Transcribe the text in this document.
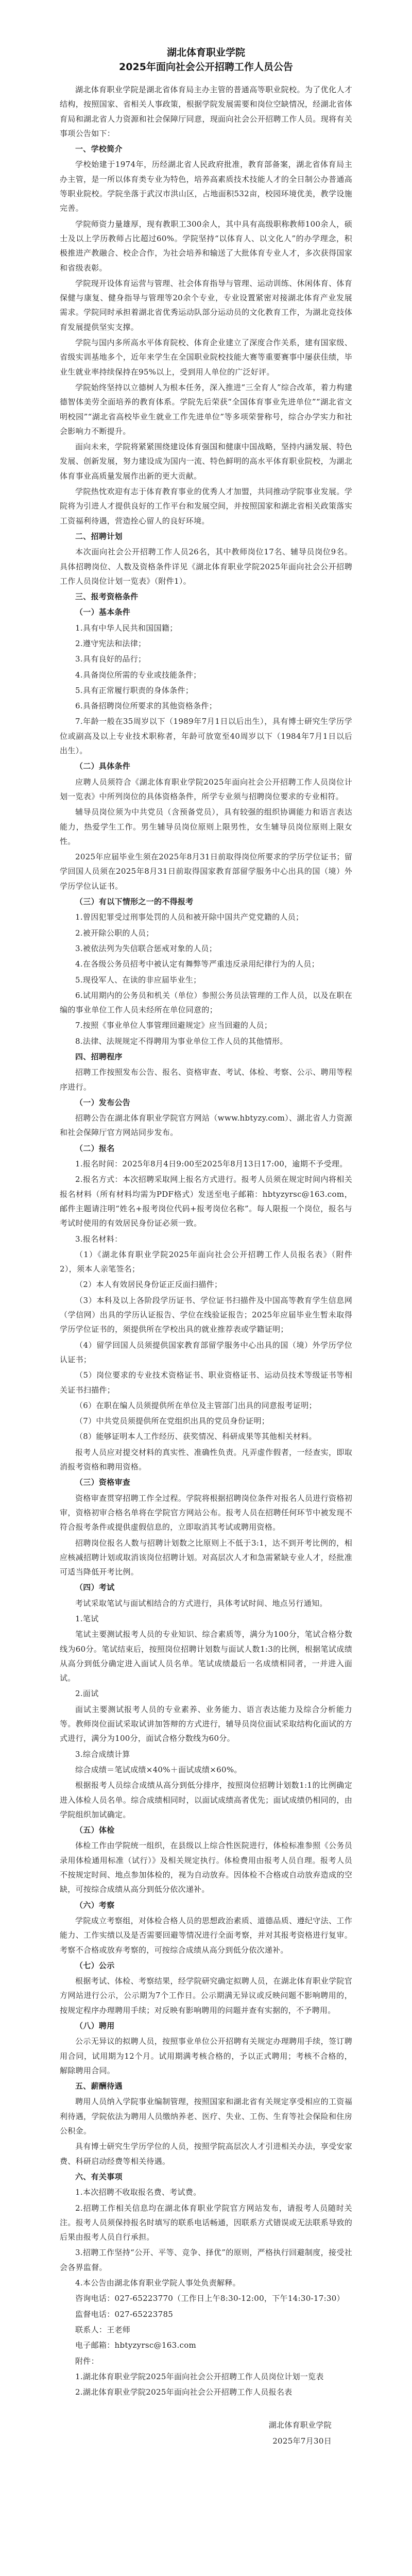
湖北体育职业学院
2025年面向社会公开招聘工作人员公告

湖北体育职业学院是湖北省体育局主办主管的普通高等职业院校。为了优化人才结构，按照国家、省相关人事政策，根据学院发展需要和岗位空缺情况，经湖北省体育局和湖北省人力资源和社会保障厅同意，现面向社会公开招聘工作人员。现将有关事项公告如下：

一、学校简介

学校始建于1974年，历经湖北省人民政府批准，教育部备案，湖北省体育局主办主管，是一所以体育类专业为特色，培养高素质技术技能人才的全日制公办普通高等职业院校。学院坐落于武汉市洪山区，占地面积532亩，校园环境优美，教学设施完善。

学院师资力量雄厚，现有教职工300余人，其中具有高级职称教师100余人，硕士及以上学历教师占比超过60%。学院坚持“以体育人、以文化人”的办学理念，积极推进产教融合、校企合作，为社会培养和输送了大批体育专业人才，多次获得国家和省级表彰。

学院现开设体育运营与管理、社会体育指导与管理、运动训练、休闲体育、体育保健与康复、健身指导与管理等20余个专业，专业设置紧密对接湖北体育产业发展需求。学院同时承担着湖北省优秀运动队部分运动员的文化教育工作，为湖北竞技体育发展提供坚实支撑。

学院与国内多所高水平体育院校、体育企业建立了深度合作关系，建有国家级、省级实训基地多个，近年来学生在全国职业院校技能大赛等重要赛事中屡获佳绩，毕业生就业率持续保持在95%以上，受到用人单位的广泛好评。

学院始终坚持以立德树人为根本任务，深入推进“三全育人”综合改革，着力构建德智体美劳全面培养的教育体系。学院先后荣获“全国体育事业先进单位”“湖北省文明校园”“湖北省高校毕业生就业工作先进单位”等多项荣誉称号，综合办学实力和社会影响力不断提升。

面向未来，学院将紧紧围绕建设体育强国和健康中国战略，坚持内涵发展、特色发展、创新发展，努力建设成为国内一流、特色鲜明的高水平体育职业院校，为湖北体育事业高质量发展作出新的更大贡献。

学院热忱欢迎有志于体育教育事业的优秀人才加盟，共同推动学院事业发展。学院将为引进人才提供良好的工作平台和发展空间，并按照国家和湖北省相关政策落实工资福利待遇，营造拴心留人的良好环境。

二、招聘计划

本次面向社会公开招聘工作人员26名，其中教师岗位17名、辅导员岗位9名。具体招聘岗位、人数及资格条件详见《湖北体育职业学院2025年面向社会公开招聘工作人员岗位计划一览表》（附件1）。

三、报考资格条件

（一）基本条件

1.具有中华人民共和国国籍；

2.遵守宪法和法律；

3.具有良好的品行；

4.具备岗位所需的专业或技能条件；

5.具有正常履行职责的身体条件；

6.具备招聘岗位所要求的其他资格条件；

7.年龄一般在35周岁以下（1989年7月1日以后出生），具有博士研究生学历学位或副高及以上专业技术职称者，年龄可放宽至40周岁以下（1984年7月1日以后出生）。

（二）具体条件

应聘人员须符合《湖北体育职业学院2025年面向社会公开招聘工作人员岗位计划一览表》中所列岗位的具体资格条件，所学专业须与招聘岗位要求的专业相符。

辅导员岗位须为中共党员（含预备党员），具有较强的组织协调能力和语言表达能力，热爱学生工作。男生辅导员岗位原则上限男性，女生辅导员岗位原则上限女性。

2025年应届毕业生须在2025年8月31日前取得岗位所要求的学历学位证书；留学回国人员须在2025年8月31日前取得国家教育部留学服务中心出具的国（境）外学历学位认证书。

（三）有以下情形之一的不得报考

1.曾因犯罪受过刑事处罚的人员和被开除中国共产党党籍的人员；

2.被开除公职的人员；

3.被依法列为失信联合惩戒对象的人员；

4.在各级公务员招考中被认定有舞弊等严重违反录用纪律行为的人员；

5.现役军人、在读的非应届毕业生；

6.试用期内的公务员和机关（单位）参照公务员法管理的工作人员，以及在职在编的事业单位工作人员未经所在单位同意的；

7.按照《事业单位人事管理回避规定》应当回避的人员；

8.法律、法规规定不得聘用为事业单位工作人员的其他情形。

四、招聘程序

招聘工作按照发布公告、报名、资格审查、考试、体检、考察、公示、聘用等程序进行。

（一）发布公告

招聘公告在湖北体育职业学院官方网站（www.hbtyzy.com）、湖北省人力资源和社会保障厅官方网站同步发布。

（二）报名

1.报名时间：2025年8月4日9:00至2025年8月13日17:00，逾期不予受理。

2.报名方式：本次招聘采取网上报名方式进行。报考人员须在规定时间内将相关报名材料（所有材料均需为PDF格式）发送至电子邮箱：hbtyzyrsc@163.com，邮件主题请注明“姓名+报考岗位代码+报考岗位名称”。每人限报一个岗位，报名与考试时使用的有效居民身份证必须一致。

3.报名材料：

（1）《湖北体育职业学院2025年面向社会公开招聘工作人员报名表》（附件2），须本人亲笔签名；

（2）本人有效居民身份证正反面扫描件；

（3）本科及以上各阶段学历证书、学位证书扫描件及中国高等教育学生信息网（学信网）出具的学历认证报告、学位在线验证报告；2025年应届毕业生暂未取得学历学位证书的，须提供所在学校出具的就业推荐表或学籍证明；

（4）留学回国人员须提供国家教育部留学服务中心出具的国（境）外学历学位认证书；

（5）岗位要求的专业技术资格证书、职业资格证书、运动员技术等级证书等相关证书扫描件；

（6）在职在编人员须提供所在单位及主管部门出具的同意报考证明；

（7）中共党员须提供所在党组织出具的党员身份证明；

（8）能够证明本人工作经历、获奖情况、科研成果等其他相关材料。

报考人员应对提交材料的真实性、准确性负责。凡弄虚作假者，一经查实，即取消报考资格和聘用资格。

（三）资格审查

资格审查贯穿招聘工作全过程。学院将根据招聘岗位条件对报名人员进行资格初审，资格初审合格名单将在学院官方网站公布。报考人员在招聘任何环节中被发现不符合报考条件或提供虚假信息的，立即取消其考试或聘用资格。

招聘岗位报名人数与招聘计划数之比原则上不低于3:1，达不到开考比例的，相应核减招聘计划或取消该岗位招聘计划。对高层次人才和急需紧缺专业人才，经批准可适当降低开考比例。

（四）考试

考试采取笔试与面试相结合的方式进行，具体考试时间、地点另行通知。

1.笔试

笔试主要测试报考人员的专业知识、综合素质等，满分为100分，笔试合格分数线为60分。笔试结束后，按照岗位招聘计划数与面试人数1:3的比例，根据笔试成绩从高分到低分确定进入面试人员名单。笔试成绩最后一名成绩相同者，一并进入面试。

2.面试

面试主要测试报考人员的专业素养、业务能力、语言表达能力及综合分析能力等。教师岗位面试采取试讲加答辩的方式进行，辅导员岗位面试采取结构化面试的方式进行，满分为100分，面试合格分数线为60分。

3.综合成绩计算

综合成绩＝笔试成绩×40%＋面试成绩×60%。

根据报考人员综合成绩从高分到低分排序，按照岗位招聘计划数1:1的比例确定进入体检人员名单。综合成绩相同时，以面试成绩高者优先；面试成绩仍相同的，由学院组织加试确定。

（五）体检

体检工作由学院统一组织，在县级以上综合性医院进行，体检标准参照《公务员录用体检通用标准（试行）》及相关规定执行。体检费用由报考人员自理。报考人员不按规定时间、地点参加体检的，视为自动放弃。因体检不合格或自动放弃造成的空缺，可按综合成绩从高分到低分依次递补。

（六）考察

学院成立考察组，对体检合格人员的思想政治素质、道德品质、遵纪守法、工作能力、工作实绩以及是否需要回避等情况进行全面考察，并对其报考资格进行复审。考察不合格或放弃考察的，可按综合成绩从高分到低分依次递补。

（七）公示

根据考试、体检、考察结果，经学院研究确定拟聘人员，在湖北体育职业学院官方网站进行公示，公示期为7个工作日。公示期满无异议或反映问题不影响聘用的，按规定程序办理聘用手续；对反映有影响聘用的问题并查有实据的，不予聘用。

（八）聘用

公示无异议的拟聘人员，按照事业单位公开招聘有关规定办理聘用手续，签订聘用合同，试用期为12个月。试用期满考核合格的，予以正式聘用；考核不合格的，解除聘用合同。

五、薪酬待遇

聘用人员纳入学院事业编制管理，按照国家和湖北省有关规定享受相应的工资福利待遇，学院依法为聘用人员缴纳养老、医疗、失业、工伤、生育等社会保险和住房公积金。

具有博士研究生学历学位的人员，按照学院高层次人才引进相关办法，享受安家费、科研启动经费等相关待遇。

六、有关事项

1.本次招聘不收取报名费、考试费。

2.招聘工作相关信息均在湖北体育职业学院官方网站发布，请报考人员随时关注。报考人员须保持报名时填写的联系电话畅通，因联系方式错误或无法联系导致的后果由报考人员自行承担。

3.招聘工作坚持“公开、平等、竞争、择优”的原则，严格执行回避制度，接受社会各界监督。

4.本公告由湖北体育职业学院人事处负责解释。

咨询电话：027-65223770（工作日上午8:30-12:00，下午14:30-17:30）

监督电话：027-65223785

联系人：王老师

电子邮箱：hbtyzyrsc@163.com

附件：

1.湖北体育职业学院2025年面向社会公开招聘工作人员岗位计划一览表

2.湖北体育职业学院2025年面向社会公开招聘工作人员报名表

湖北体育职业学院

2025年7月30日
